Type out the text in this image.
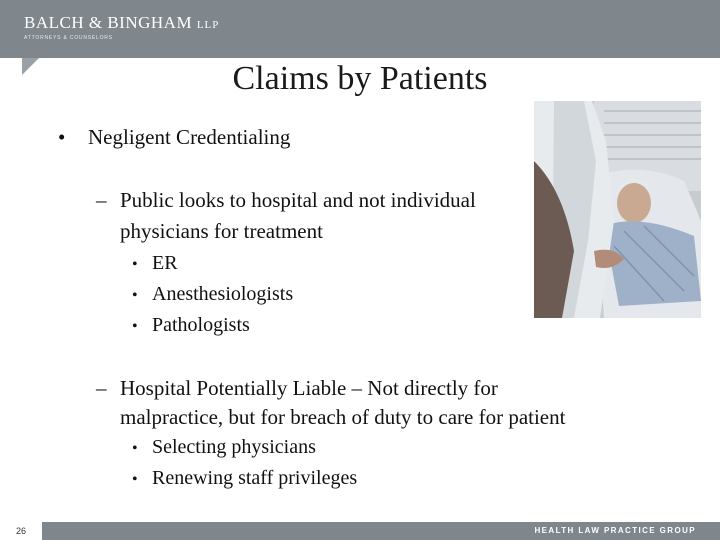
BALCH & BINGHAM LLP
ATTORNEYS & COUNSELORS
Claims by Patients
• Negligent Credentialing
– Public looks to hospital and not individual
physicians for treatment
• ER
• Anesthesiologists
• Pathologists
– Hospital Potentially Liable – Not directly for
malpractice, but for breach of duty to care for patient
• Selecting physicians
• Renewing staff privileges
26	HEALTH LAW PRACTICE GROUP
